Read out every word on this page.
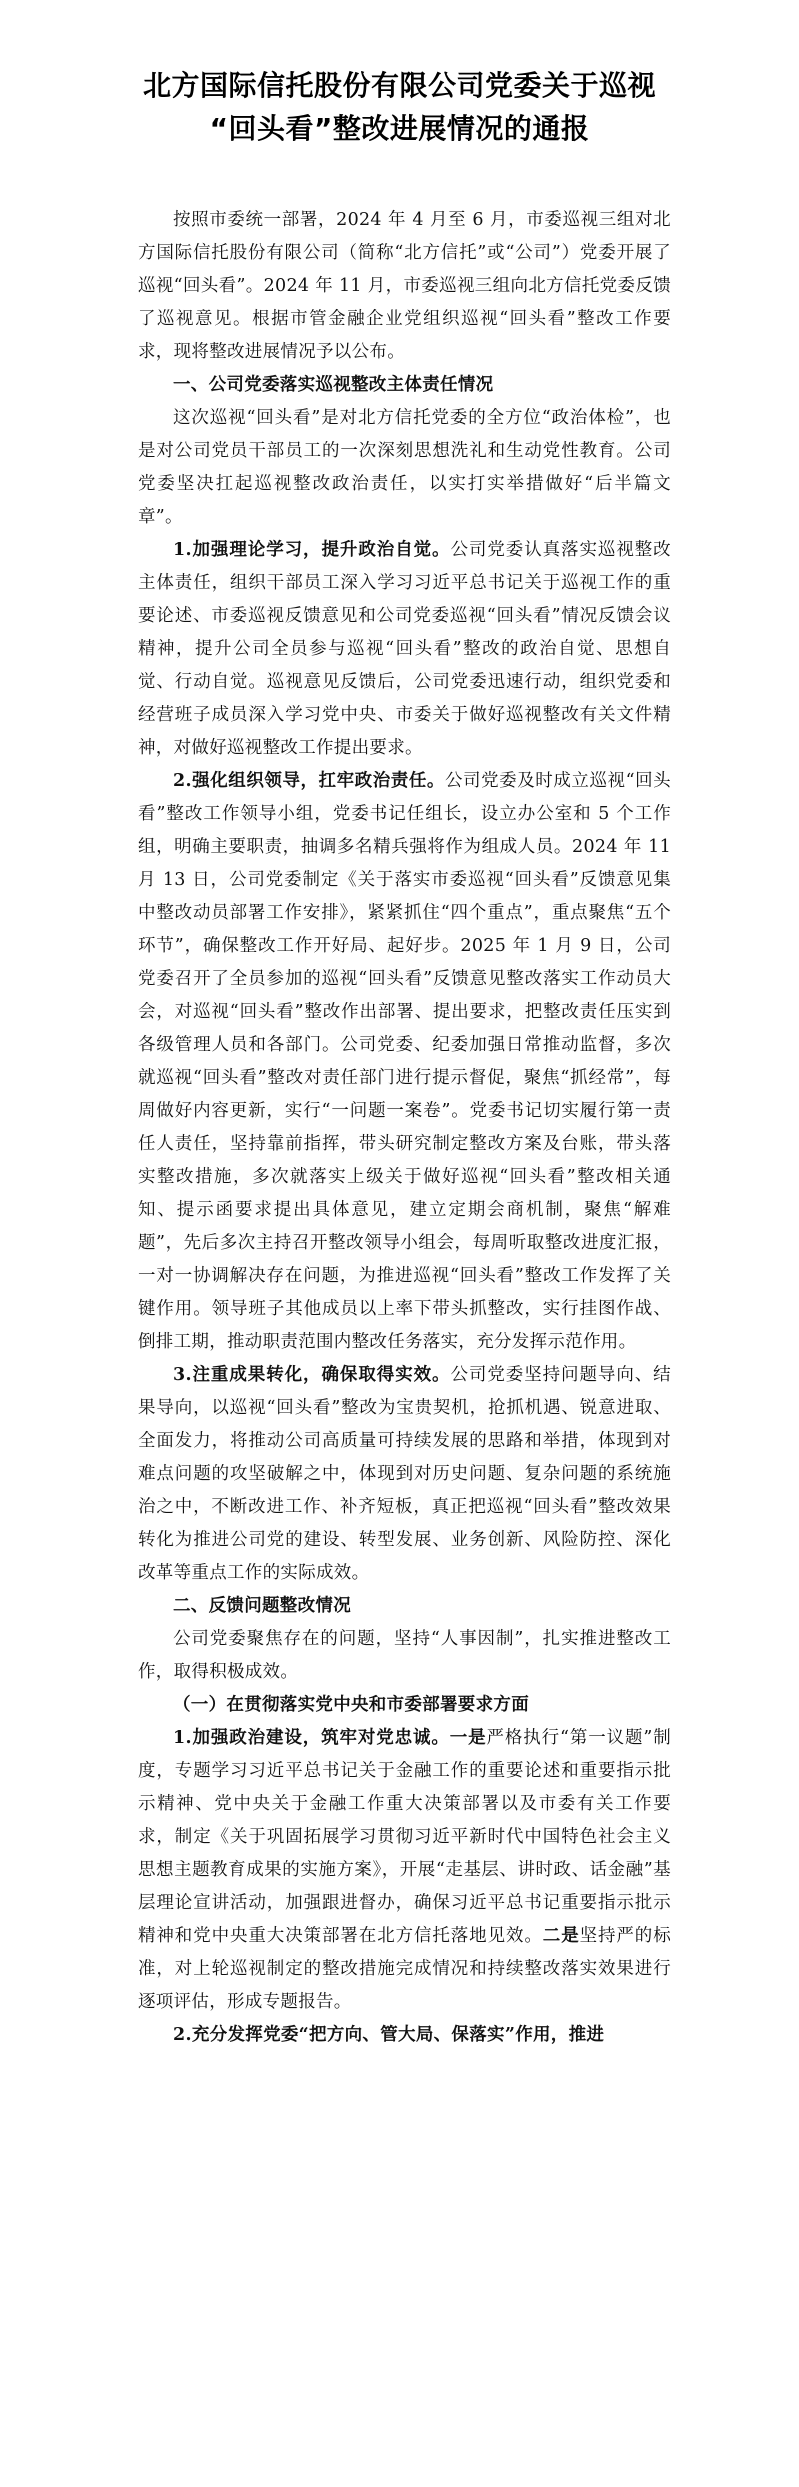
北方国际信托股份有限公司党委关于巡视

“回头看”整改进展情况的通报

按照市委统一部署，2024 年 4 月至 6 月，市委巡视三组对北方国际信托股份有限公司（简称“北方信托”或“公司”）党委开展了巡视“回头看”。2024 年 11 月，市委巡视三组向北方信托党委反馈了巡视意见。根据市管金融企业党组织巡视“回头看”整改工作要求，现将整改进展情况予以公布。

一、公司党委落实巡视整改主体责任情况

这次巡视“回头看”是对北方信托党委的全方位“政治体检”，也是对公司党员干部员工的一次深刻思想洗礼和生动党性教育。公司党委坚决扛起巡视整改政治责任，以实打实举措做好“后半篇文章”。

1.加强理论学习，提升政治自觉。公司党委认真落实巡视整改主体责任，组织干部员工深入学习习近平总书记关于巡视工作的重要论述、市委巡视反馈意见和公司党委巡视“回头看”情况反馈会议精神，提升公司全员参与巡视“回头看”整改的政治自觉、思想自觉、行动自觉。巡视意见反馈后，公司党委迅速行动，组织党委和经营班子成员深入学习党中央、市委关于做好巡视整改有关文件精神，对做好巡视整改工作提出要求。

2.强化组织领导，扛牢政治责任。公司党委及时成立巡视“回头看”整改工作领导小组，党委书记任组长，设立办公室和 5 个工作组，明确主要职责，抽调多名精兵强将作为组成人员。2024 年 11 月 13 日，公司党委制定《关于落实市委巡视“回头看”反馈意见集中整改动员部署工作安排》，紧紧抓住“四个重点”，重点聚焦“五个环节”，确保整改工作开好局、起好步。2025 年 1 月 9 日，公司党委召开了全员参加的巡视“回头看”反馈意见整改落实工作动员大会，对巡视“回头看”整改作出部署、提出要求，把整改责任压实到各级管理人员和各部门。公司党委、纪委加强日常推动监督，多次就巡视“回头看”整改对责任部门进行提示督促，聚焦“抓经常”，每周做好内容更新，实行“一问题一案卷”。党委书记切实履行第一责任人责任，坚持靠前指挥，带头研究制定整改方案及台账，带头落实整改措施，多次就落实上级关于做好巡视“回头看”整改相关通知、提示函要求提出具体意见，建立定期会商机制，聚焦“解难题”，先后多次主持召开整改领导小组会，每周听取整改进度汇报，一对一协调解决存在问题，为推进巡视“回头看”整改工作发挥了关键作用。领导班子其他成员以上率下带头抓整改，实行挂图作战、倒排工期，推动职责范围内整改任务落实，充分发挥示范作用。

3.注重成果转化，确保取得实效。公司党委坚持问题导向、结果导向，以巡视“回头看”整改为宝贵契机，抢抓机遇、锐意进取、全面发力，将推动公司高质量可持续发展的思路和举措，体现到对难点问题的攻坚破解之中，体现到对历史问题、复杂问题的系统施治之中，不断改进工作、补齐短板，真正把巡视“回头看”整改效果转化为推进公司党的建设、转型发展、业务创新、风险防控、深化改革等重点工作的实际成效。

二、反馈问题整改情况

公司党委聚焦存在的问题，坚持“人事因制”，扎实推进整改工作，取得积极成效。

（一）在贯彻落实党中央和市委部署要求方面

1.加强政治建设，筑牢对党忠诚。一是严格执行“第一议题”制度，专题学习习近平总书记关于金融工作的重要论述和重要指示批示精神、党中央关于金融工作重大决策部署以及市委有关工作要求，制定《关于巩固拓展学习贯彻习近平新时代中国特色社会主义思想主题教育成果的实施方案》，开展“走基层、讲时政、话金融”基层理论宣讲活动，加强跟进督办，确保习近平总书记重要指示批示精神和党中央重大决策部署在北方信托落地见效。二是坚持严的标准，对上轮巡视制定的整改措施完成情况和持续整改落实效果进行逐项评估，形成专题报告。

2.充分发挥党委“把方向、管大局、保落实”作用，推进
